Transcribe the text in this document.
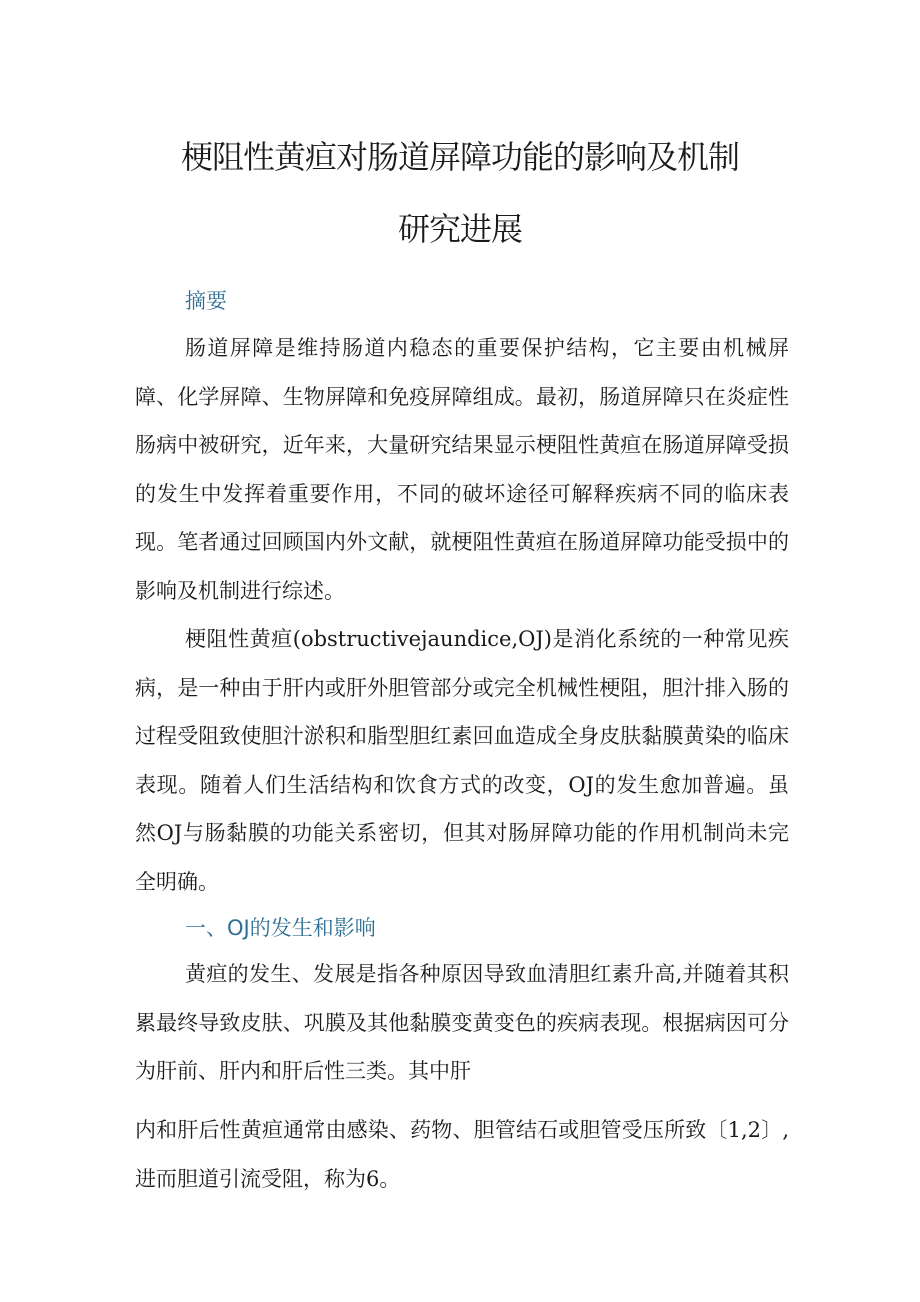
梗阻性黄疸对肠道屏障功能的影响及机制
研究进展
摘要

肠道屏障是维持肠道内稳态的重要保护结构，它主要由机械屏障、化学屏障、生物屏障和免疫屏障组成。最初，肠道屏障只在炎症性肠病中被研究，近年来，大量研究结果显示梗阻性黄疸在肠道屏障受损的发生中发挥着重要作用，不同的破坏途径可解释疾病不同的临床表现。笔者通过回顾国内外文献，就梗阻性黄疸在肠道屏障功能受损中的影响及机制进行综述。

梗阻性黄疸(obstructivejaundice,OJ)是消化系统的一种常见疾病，是一种由于肝内或肝外胆管部分或完全机械性梗阻，胆汁排入肠的过程受阻致使胆汁淤积和脂型胆红素回血造成全身皮肤黏膜黄染的临床表现。随着人们生活结构和饮食方式的改变，OJ的发生愈加普遍。虽然OJ与肠黏膜的功能关系密切，但其对肠屏障功能的作用机制尚未完全明确。

一、OJ的发生和影响

黄疸的发生、发展是指各种原因导致血清胆红素升高,并随着其积累最终导致皮肤、巩膜及其他黏膜变黄变色的疾病表现。根据病因可分为肝前、肝内和肝后性三类。其中肝

内和肝后性黄疸通常由感染、药物、胆管结石或胆管受压所致〔1,2〕,进而胆道引流受阻，称为6。
